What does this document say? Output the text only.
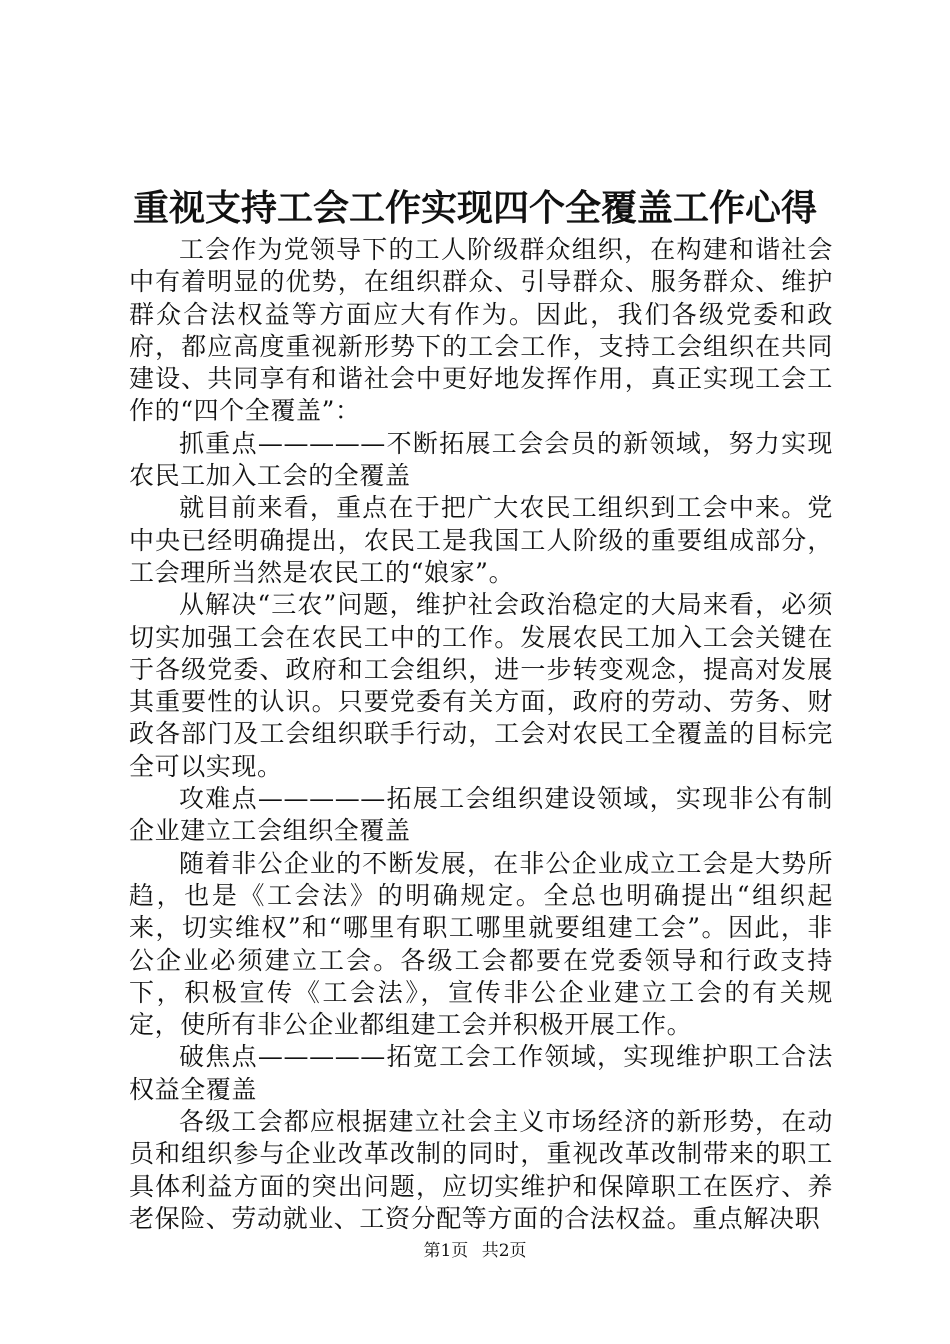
重视支持工会工作实现四个全覆盖工作心得

工会作为党领导下的工人阶级群众组织，在构建和谐社会中有着明显的优势，在组织群众、引导群众、服务群众、维护群众合法权益等方面应大有作为。因此，我们各级党委和政府，都应高度重视新形势下的工会工作，支持工会组织在共同建设、共同享有和谐社会中更好地发挥作用，真正实现工会工作的“四个全覆盖”：

抓重点—————不断拓展工会会员的新领域，努力实现农民工加入工会的全覆盖

就目前来看，重点在于把广大农民工组织到工会中来。党中央已经明确提出，农民工是我国工人阶级的重要组成部分，工会理所当然是农民工的“娘家”。

从解决“三农”问题，维护社会政治稳定的大局来看，必须切实加强工会在农民工中的工作。发展农民工加入工会关键在于各级党委、政府和工会组织，进一步转变观念，提高对发展其重要性的认识。只要党委有关方面，政府的劳动、劳务、财政各部门及工会组织联手行动，工会对农民工全覆盖的目标完全可以实现。

攻难点—————拓展工会组织建设领域，实现非公有制企业建立工会组织全覆盖

随着非公企业的不断发展，在非公企业成立工会是大势所趋，也是《工会法》的明确规定。全总也明确提出“组织起来，切实维权”和“哪里有职工哪里就要组建工会”。因此，非公企业必须建立工会。各级工会都要在党委领导和行政支持下，积极宣传《工会法》，宣传非公企业建立工会的有关规定，使所有非公企业都组建工会并积极开展工作。

破焦点—————拓宽工会工作领域，实现维护职工合法权益全覆盖

各级工会都应根据建立社会主义市场经济的新形势，在动员和组织参与企业改革改制的同时，重视改革改制带来的职工具体利益方面的突出问题，应切实维护和保障职工在医疗、养老保险、劳动就业、工资分配等方面的合法权益。重点解决职

第1页 共2页
